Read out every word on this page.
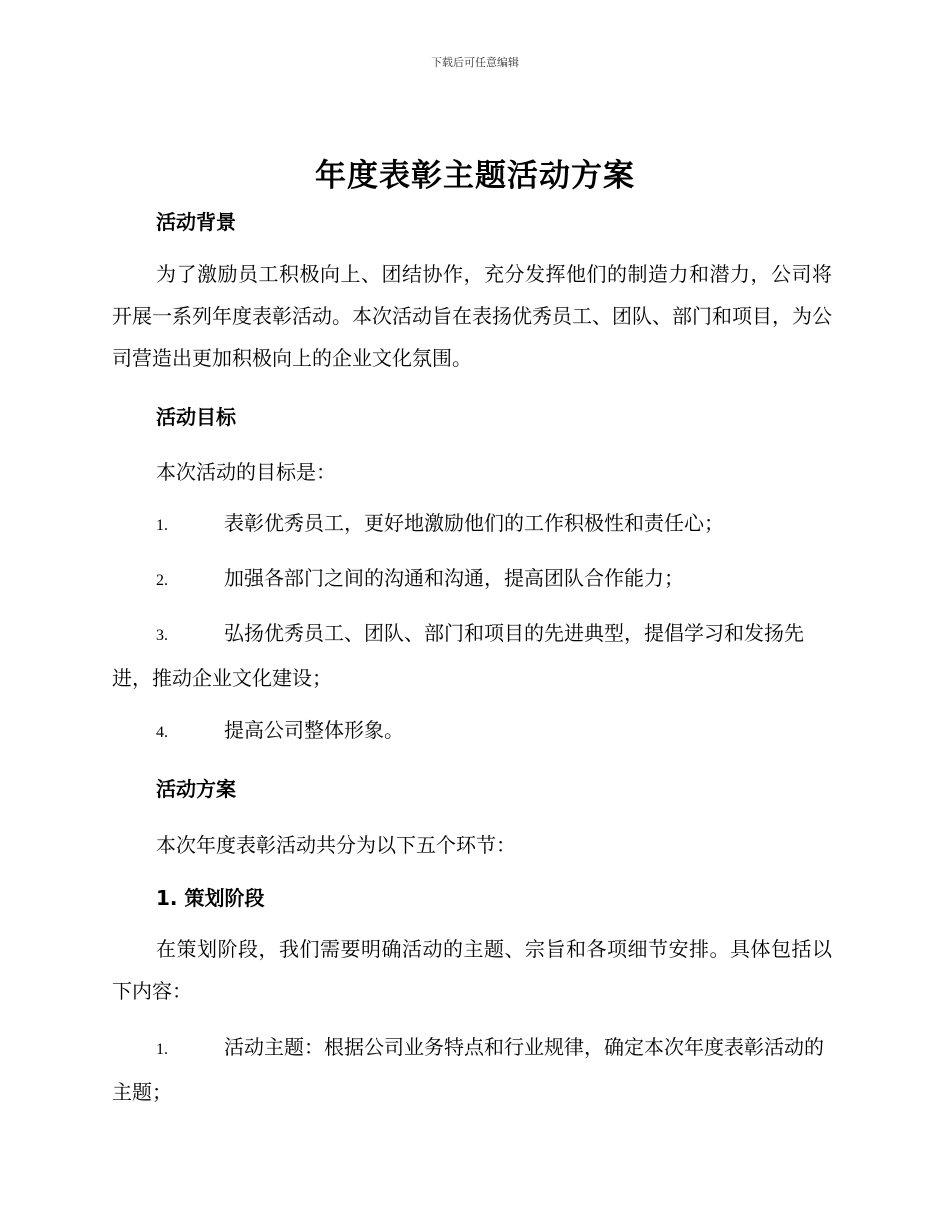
下载后可任意编辑
年度表彰主题活动方案
活动背景
为了激励员工积极向上、团结协作，充分发挥他们的制造力和潜力，公司将开展一系列年度表彰活动。本次活动旨在表扬优秀员工、团队、部门和项目，为公司营造出更加积极向上的企业文化氛围。
活动目标
本次活动的目标是：
1.	表彰优秀员工，更好地激励他们的工作积极性和责任心；
2.	加强各部门之间的沟通和沟通，提高团队合作能力；
3.	弘扬优秀员工、团队、部门和项目的先进典型，提倡学习和发扬先进，推动企业文化建设；
4.	提高公司整体形象。
活动方案
本次年度表彰活动共分为以下五个环节：
1. 策划阶段
在策划阶段，我们需要明确活动的主题、宗旨和各项细节安排。具体包括以下内容：
1.	活动主题：根据公司业务特点和行业规律，确定本次年度表彰活动的主题；
